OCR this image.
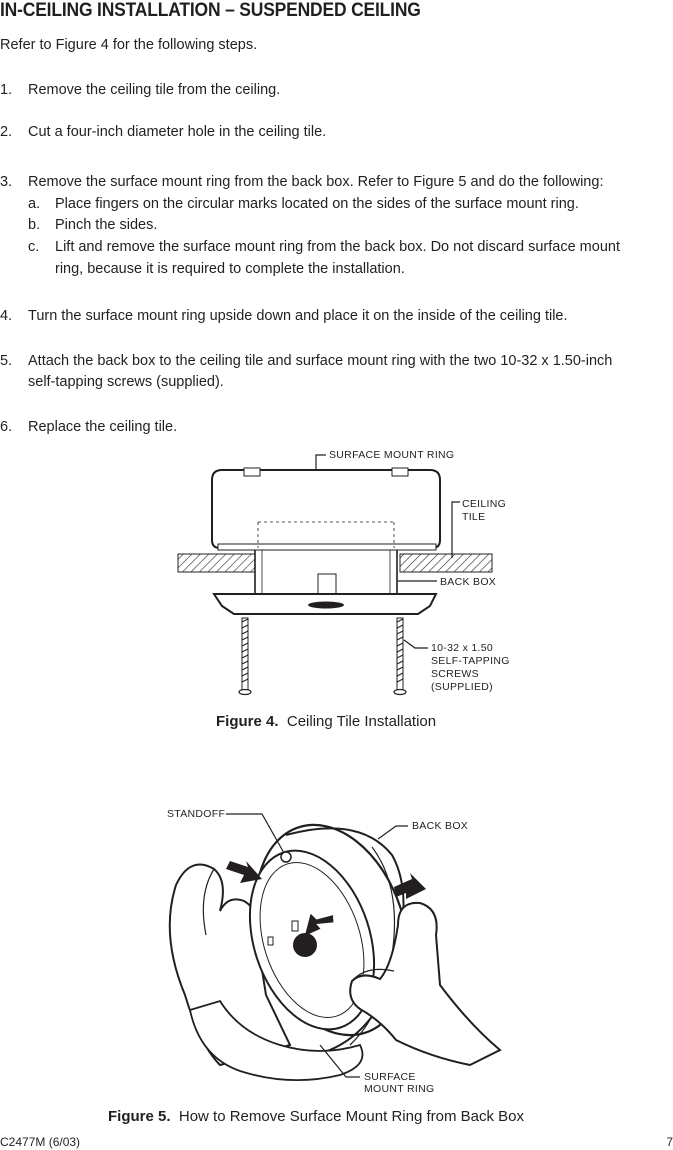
IN-CEILING INSTALLATION – SUSPENDED CEILING
Refer to Figure 4 for the following steps.
1. Remove the ceiling tile from the ceiling.
2. Cut a four-inch diameter hole in the ceiling tile.
3. Remove the surface mount ring from the back box. Refer to Figure 5 and do the following:
a. Place fingers on the circular marks located on the sides of the surface mount ring.
b. Pinch the sides.
c. Lift and remove the surface mount ring from the back box. Do not discard surface mount
ring, because it is required to complete the installation.
4. Turn the surface mount ring upside down and place it on the inside of the ceiling tile.
5. Attach the back box to the ceiling tile and surface mount ring with the two 10-32 x 1.50-inch
self-tapping screws (supplied).
6. Replace the ceiling tile.
SURFACE MOUNT RING
CEILING
TILE
BACK BOX
10-32 x 1.50
SELF-TAPPING
SCREWS
(SUPPLIED)
Figure 4. Ceiling Tile Installation
STANDOFF
BACK BOX
SURFACE
MOUNT RING
Figure 5. How to Remove Surface Mount Ring from Back Box
C2477M (6/03)	7
